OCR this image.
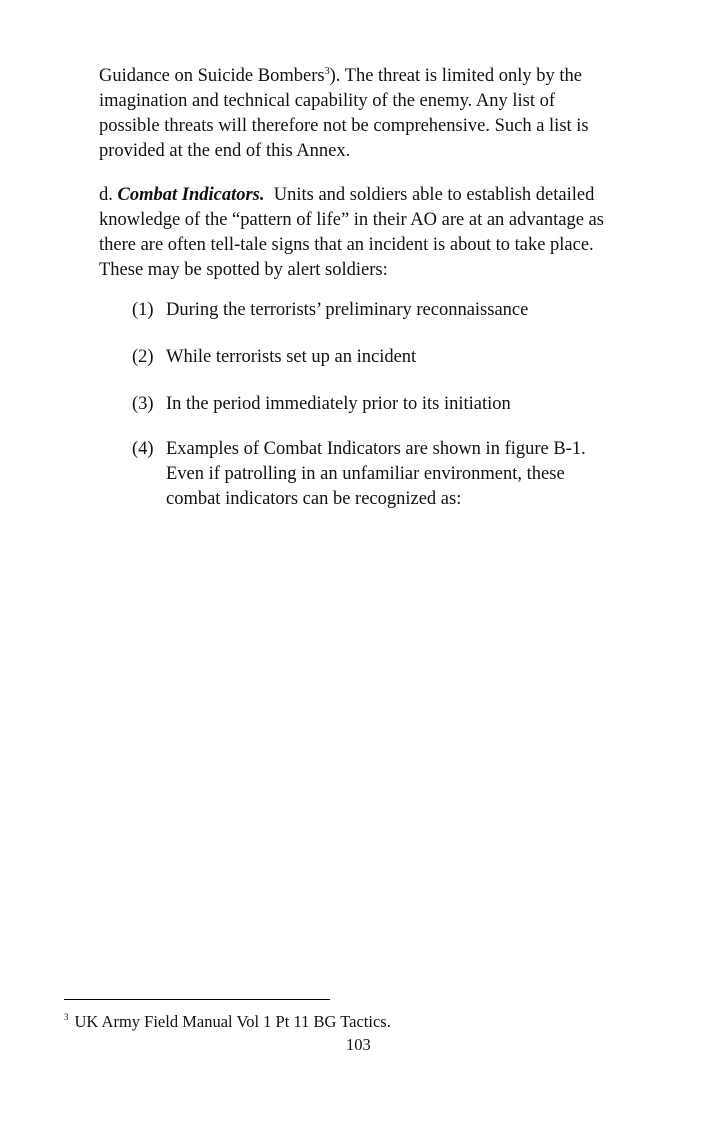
Guidance on Suicide Bombers$^3$). The threat is limited only by the
imagination and technical capability of the enemy. Any list of
possible threats will therefore not be comprehensive. Such a list is
provided at the end of this Annex.
d. Combat Indicators. Units and soldiers able to establish detailed
knowledge of the “pattern of life” in their AO are at an advantage as
there are often tell-tale signs that an incident is about to take place.
These may be spotted by alert soldiers:
(1) During the terrorists’ preliminary reconnaissance
(2) While terrorists set up an incident
(3) In the period immediately prior to its initiation
(4) Examples of Combat Indicators are shown in figure B-1.
Even if patrolling in an unfamiliar environment, these
combat indicators can be recognized as:
$^3$ UK Army Field Manual Vol 1 Pt 11 BG Tactics.
103
